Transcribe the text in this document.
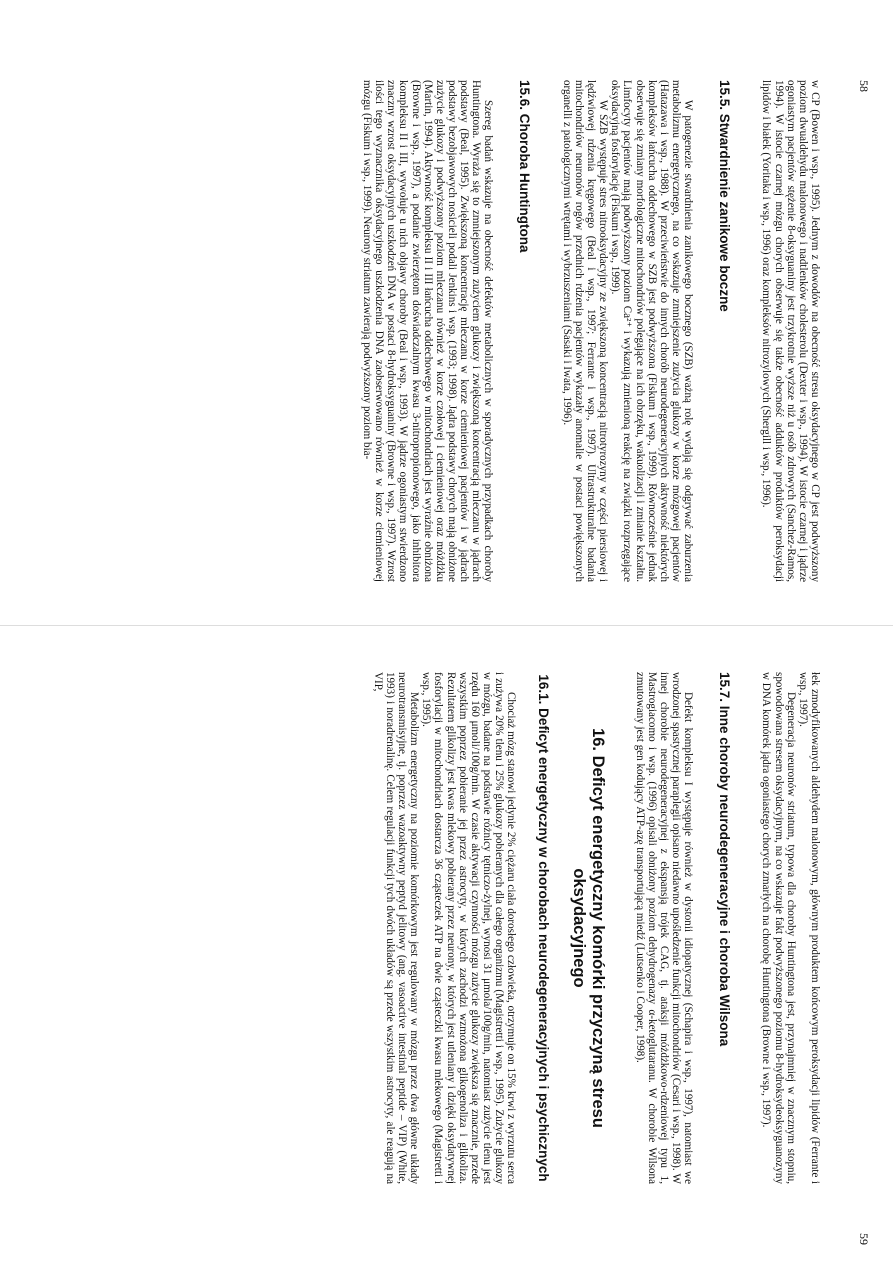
58

w CP (Bowen i wsp., 1995). Jednym z dowodów na obecność stresu oksydacyjnego w CP jest podwyższony poziom dwualdehydu malonowego i nadtlenków cholesterolu (Dexter i wsp., 1994). W istocie czarnej i jądrze ogoniastym pacjentów stężenie 8-oksyguaniny jest trzykrotnie wyższe niż u osób zdrowych (Sanchez-Ramos, 1994). W istocie czarnej mózgu chorych obserwuje się także obecność adduktów produktów peroksydacji lipidów i białek (Yoritaka i wsp., 1996) oraz kompleksów nitrozylowych (Shergill i wsp., 1996).

15.5. Stwardnienie zanikowe boczne

W patogenezie stwardnienia zanikowego bocznego (SZB) ważną rolę wydają się odgrywać zaburzenia metabolizmu energetycznego, na co wskazuje zmniejszenie zużycia glukozy w korze mózgowej pacjentów (Hatazawa i wsp., 1988). W przeciwieństwie do innych chorób neurodegeneracyjnych aktywność niektórych kompleksów łańcucha oddechowego w SZB jest podwyższona (Fiskum i wsp., 1999). Równocześnie jednak obserwuje się zmiany morfologiczne mitochondriów polegające na ich obrzęku, wakuolizacji i zmianie kształtu. Limfocyty pacjentów mają podwyższony poziom Ca²⁺ i wykazują zmienioną reakcję na związki rozprzęgające oksydacyjną fosforylację (Fiskum i wsp., 1999).

W SZB występuje stres nitrooksydacyjny ze zwiększoną koncentracją nitrotyrozyny w części piersiowej i lędźwiowej rdzenia kręgowego (Beal i wsp., 1997; Ferrante i wsp., 1997). Ultrastrukturalne badania mitochondriów neuronów rogów przednich rdzenia pacjentów wykazały anomalie w postaci powiększonych organelli z patologicznymi wtrętami i wybrzuszeniami (Sasaki i Iwata, 1996).

15.6. Choroba Huntingtona

Szereg badań wskazuje na obecność defektów metabolicznych w sporadycznych przypadkach choroby Huntingtona. Wyraża się to zmniejszonym zużyciem glukozy i zwiększoną koncentracją mleczanu w jądrach podstawy (Beal, 1995). Zwiększoną koncentrację mleczanu w korze ciemieniowej pacjentów i w jądrach podstawy bezobjawowych nosicieli podali Jenkins i wsp. (1993; 1998). Jądra podstawy chorych mają obniżone zużycie glukozy i podwyższony poziom mleczanu również w korze czołowej i ciemieniowej oraz móżdżku (Martin, 1994). Aktywność kompleksu II i III łańcucha oddechowego w mitochondriach jest wyraźnie obniżona (Browne i wsp., 1997), a podanie zwierzętom doświadczalnym kwasu 3-nitropropionowego, jako inhibitora kompleksu II i III, wywołuje u nich objawy choroby (Beal i wsp., 1993). W jądrze ogoniastym stwierdzono znaczny wzrost oksydacyjnych uszkodzeń DNA w postaci 8-hydroksyguaniny (Browne i wsp., 1997). Wzrost ilości tego wyznacznika oksydacyjnego uszkodzenia DNA zaobserwowano również w korze ciemieniowej mózgu (Fiskum i wsp., 1999). Neurony striatum zawierają podwyższony poziom bia-

59

łek zmodyfikowanych aldehydem malonowym, głównym produktem końcowym peroksydacji lipidów (Ferrante i wsp., 1997).

Degeneracja neuronów striatum, typowa dla choroby Huntingtona jest, przynajmniej w znacznym stopniu, spowodowana stresem oksydacyjnym, na co wskazuje fakt podwyższonego poziomu 8-hydroksydeoksyguanozyny w DNA komórek jądra ogoniastego chorych zmarłych na chorobę Huntingtona (Browne i wsp., 1997).

15.7. Inne choroby neurodegeneracyjne i choroba Wilsona

Defekt kompleksu I występuje również w dystonii idiopatycznej (Schapira i wsp., 1997), natomiast we wrodzonej spastycznej paraplegii opisano niedawno upośledzenie funkcji mitochondriów (Cesari i wsp., 1998). W innej chorobie neurodegeneracyjnej z ekspansją trójek CAG, tj. ataksji móżdżkowo-rdzeniowej typu 1, Mastrogiacomo i wsp. (1996) opisali obniżony poziom dehydrogenazy α-ketoglutaranu. W chorobie Wilsona zmutowany jest gen kodujący ATP-azę transportującą miedź (Lutsenko i Cooper, 1998).

16. Deficyt energetyczny komórki przyczyną stresu oksydacyjnego
16.1. Deficyt energetyczny w chorobach neurodegeneracyjnych i psychicznych

Chociaż mózg stanowi jedynie 2% ciężaru ciała dorosłego człowieka, otrzymuje on 15% krwi z wyrzutu serca i zużywa 20% tlenu i 25% glukozy pobieranych dla całego organizmu (Magistretti i wsp., 1995). Zużycie glukozy w mózgu, badane na podstawie różnicy tętniczo-żylnej, wynosi 31 μmola/100g/min, natomiast zużycie tlenu jest rzędu 160 μmoli/100g/min. W czasie aktywacji czynności mózgu zużycie glukozy zwiększa się znacznie, przede wszystkim poprzez pobieranie jej przez astrocyty, w których zachodzi wzmożona glikogenoliza i glikoliza. Rezultatem glikolizy jest kwas mlekowy pobierany przez neurony, w których jest utleniany i dzięki oksydatywnej fosforylacji w mitochondriach dostarcza 36 cząsteczek ATP na dwie cząsteczki kwasu mlekowego (Magistretti i wsp., 1995).

Metabolizm energetyczny na poziomie komórkowym jest regulowany w mózgu przez dwa główne układy neurotransmisyjne, tj. poprzez wazoaktywny peptyd jelitowy (ang. vasoactive intestinal peptide – VIP) (White, 1993) i noradrenalinę. Celem regulacji funkcji tych dwóch układów są przede wszystkim astrocyty, ale reagują na VIP,
